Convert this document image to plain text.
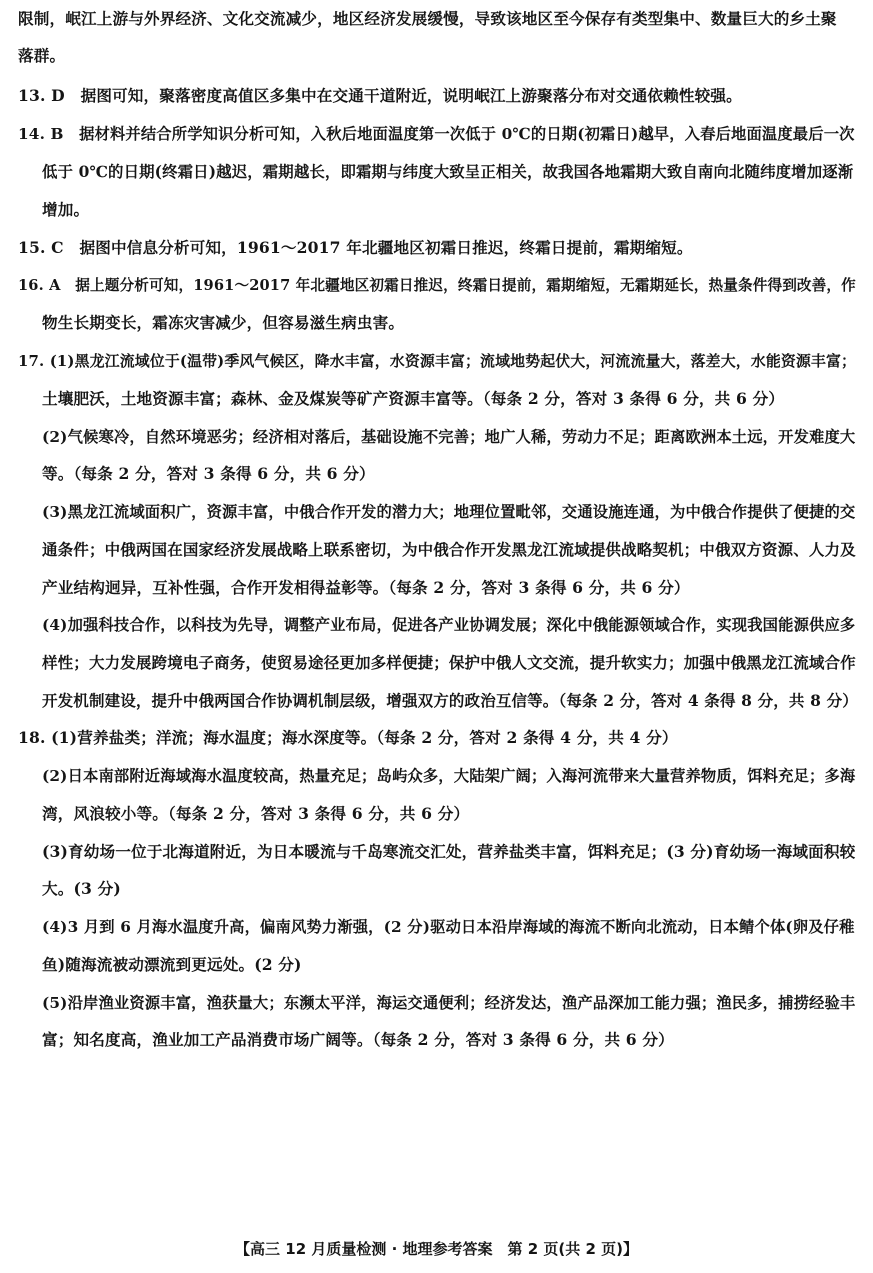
限制，岷江上游与外界经济、文化交流减少，地区经济发展缓慢，导致该地区至今保存有类型集中、数量巨大的乡土聚
落群。
13. D　据图可知，聚落密度高值区多集中在交通干道附近，说明岷江上游聚落分布对交通依赖性较强。
14. B　据材料并结合所学知识分析可知，入秋后地面温度第一次低于 0℃的日期(初霜日)越早，入春后地面温度最后一次
低于 0℃的日期(终霜日)越迟，霜期越长，即霜期与纬度大致呈正相关，故我国各地霜期大致自南向北随纬度增加逐渐
增加。
15. C　据图中信息分析可知，1961～2017 年北疆地区初霜日推迟，终霜日提前，霜期缩短。
16. A　据上题分析可知，1961～2017 年北疆地区初霜日推迟，终霜日提前，霜期缩短，无霜期延长，热量条件得到改善，作
物生长期变长，霜冻灾害减少，但容易滋生病虫害。
17. (1)黑龙江流域位于(温带)季风气候区，降水丰富，水资源丰富；流域地势起伏大，河流流量大，落差大，水能资源丰富；
土壤肥沃，土地资源丰富；森林、金及煤炭等矿产资源丰富等。（每条 2 分，答对 3 条得 6 分，共 6 分）
(2)气候寒冷，自然环境恶劣；经济相对落后，基础设施不完善；地广人稀，劳动力不足；距离欧洲本土远，开发难度大
等。（每条 2 分，答对 3 条得 6 分，共 6 分）
(3)黑龙江流域面积广，资源丰富，中俄合作开发的潜力大；地理位置毗邻，交通设施连通，为中俄合作提供了便捷的交
通条件；中俄两国在国家经济发展战略上联系密切，为中俄合作开发黑龙江流域提供战略契机；中俄双方资源、人力及
产业结构迥异，互补性强，合作开发相得益彰等。（每条 2 分，答对 3 条得 6 分，共 6 分）
(4)加强科技合作，以科技为先导，调整产业布局，促进各产业协调发展；深化中俄能源领域合作，实现我国能源供应多
样性；大力发展跨境电子商务，使贸易途径更加多样便捷；保护中俄人文交流，提升软实力；加强中俄黑龙江流域合作
开发机制建设，提升中俄两国合作协调机制层级，增强双方的政治互信等。（每条 2 分，答对 4 条得 8 分，共 8 分）
18. (1)营养盐类；洋流；海水温度；海水深度等。（每条 2 分，答对 2 条得 4 分，共 4 分）
(2)日本南部附近海域海水温度较高，热量充足；岛屿众多，大陆架广阔；入海河流带来大量营养物质，饵料充足；多海
湾，风浪较小等。（每条 2 分，答对 3 条得 6 分，共 6 分）
(3)育幼场一位于北海道附近，为日本暖流与千岛寒流交汇处，营养盐类丰富，饵料充足；(3 分)育幼场一海域面积较
大。(3 分)
(4)3 月到 6 月海水温度升高，偏南风势力渐强，(2 分)驱动日本沿岸海域的海流不断向北流动，日本鲭个体(卵及仔稚
鱼)随海流被动漂流到更远处。(2 分)
(5)沿岸渔业资源丰富，渔获量大；东濒太平洋，海运交通便利；经济发达，渔产品深加工能力强；渔民多，捕捞经验丰
富；知名度高，渔业加工产品消费市场广阔等。（每条 2 分，答对 3 条得 6 分，共 6 分）
【高三 12 月质量检测 · 地理参考答案　第 2 页(共 2 页)】
